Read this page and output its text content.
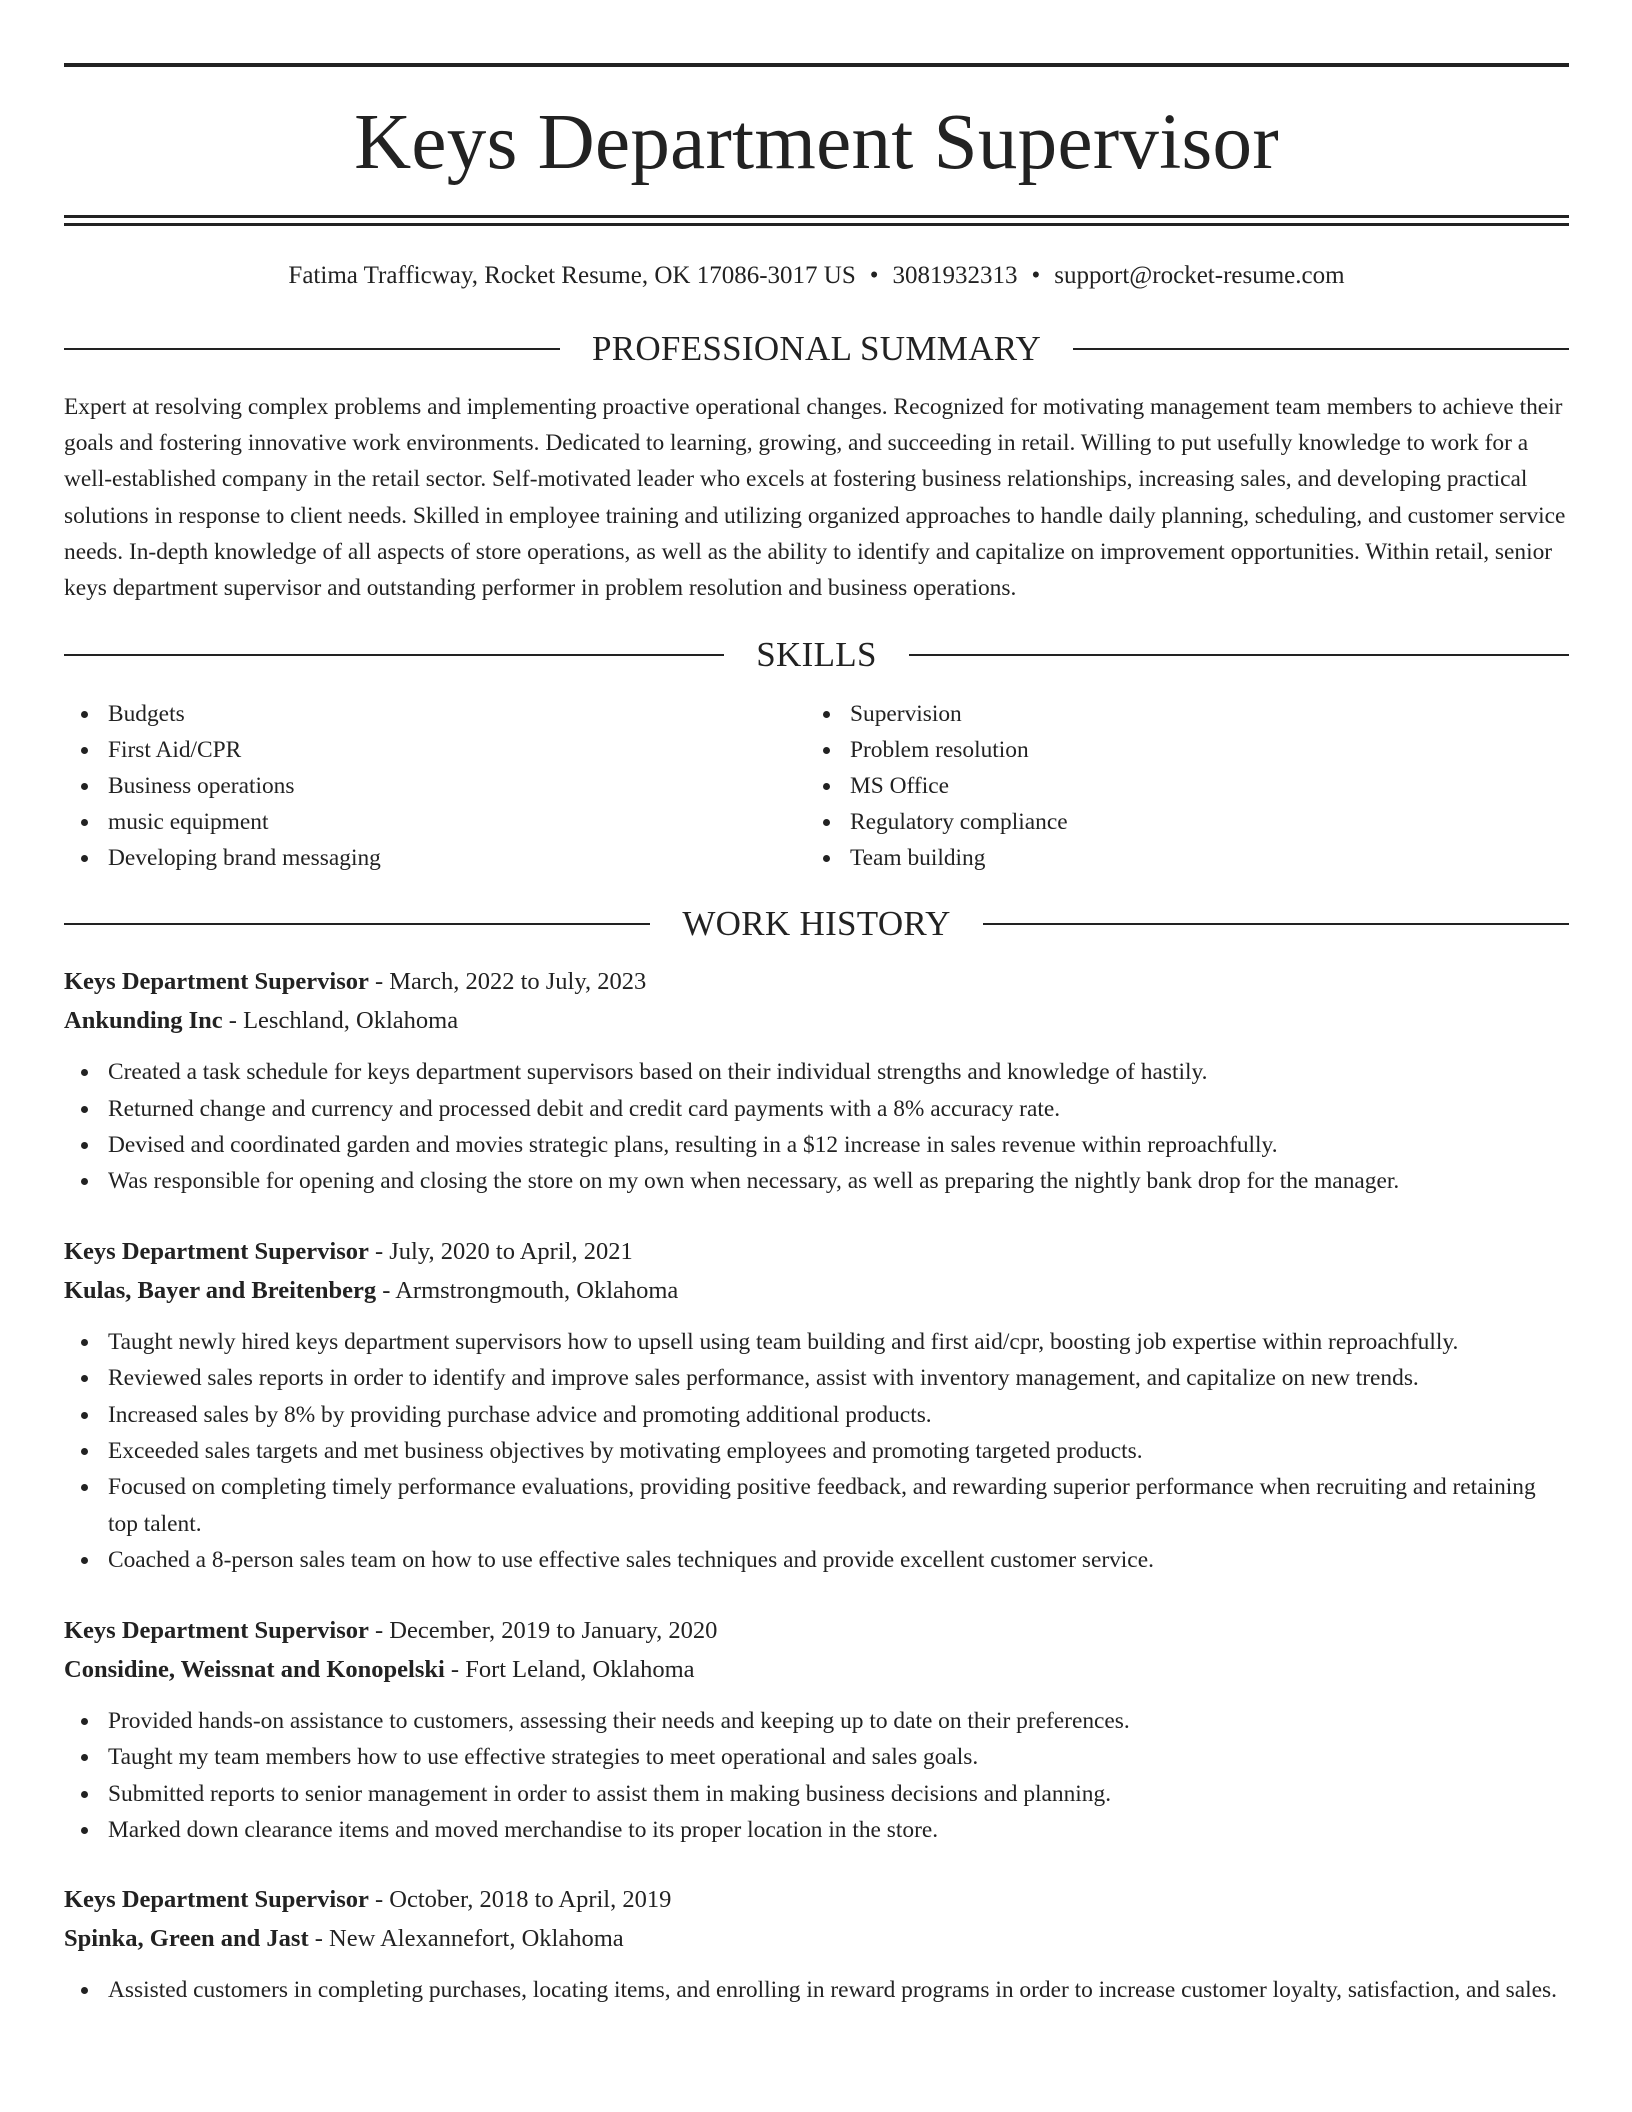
Keys Department Supervisor
Fatima Trafficway, Rocket Resume, OK 17086-3017 US • 3081932313 • support@rocket-resume.com
PROFESSIONAL SUMMARY
Expert at resolving complex problems and implementing proactive operational changes. Recognized for motivating management team members to achieve their goals and fostering innovative work environments. Dedicated to learning, growing, and succeeding in retail. Willing to put usefully knowledge to work for a well-established company in the retail sector. Self-motivated leader who excels at fostering business relationships, increasing sales, and developing practical solutions in response to client needs. Skilled in employee training and utilizing organized approaches to handle daily planning, scheduling, and customer service needs. In-depth knowledge of all aspects of store operations, as well as the ability to identify and capitalize on improvement opportunities. Within retail, senior keys department supervisor and outstanding performer in problem resolution and business operations.
SKILLS
Budgets
First Aid/CPR
Business operations
music equipment
Developing brand messaging
Supervision
Problem resolution
MS Office
Regulatory compliance
Team building
WORK HISTORY
Keys Department Supervisor - March, 2022 to July, 2023
Ankunding Inc - Leschland, Oklahoma
Created a task schedule for keys department supervisors based on their individual strengths and knowledge of hastily.
Returned change and currency and processed debit and credit card payments with a 8% accuracy rate.
Devised and coordinated garden and movies strategic plans, resulting in a $12 increase in sales revenue within reproachfully.
Was responsible for opening and closing the store on my own when necessary, as well as preparing the nightly bank drop for the manager.
Keys Department Supervisor - July, 2020 to April, 2021
Kulas, Bayer and Breitenberg - Armstrongmouth, Oklahoma
Taught newly hired keys department supervisors how to upsell using team building and first aid/cpr, boosting job expertise within reproachfully.
Reviewed sales reports in order to identify and improve sales performance, assist with inventory management, and capitalize on new trends.
Increased sales by 8% by providing purchase advice and promoting additional products.
Exceeded sales targets and met business objectives by motivating employees and promoting targeted products.
Focused on completing timely performance evaluations, providing positive feedback, and rewarding superior performance when recruiting and retaining top talent.
Coached a 8-person sales team on how to use effective sales techniques and provide excellent customer service.
Keys Department Supervisor - December, 2019 to January, 2020
Considine, Weissnat and Konopelski - Fort Leland, Oklahoma
Provided hands-on assistance to customers, assessing their needs and keeping up to date on their preferences.
Taught my team members how to use effective strategies to meet operational and sales goals.
Submitted reports to senior management in order to assist them in making business decisions and planning.
Marked down clearance items and moved merchandise to its proper location in the store.
Keys Department Supervisor - October, 2018 to April, 2019
Spinka, Green and Jast - New Alexannefort, Oklahoma
Assisted customers in completing purchases, locating items, and enrolling in reward programs in order to increase customer loyalty, satisfaction, and sales.
